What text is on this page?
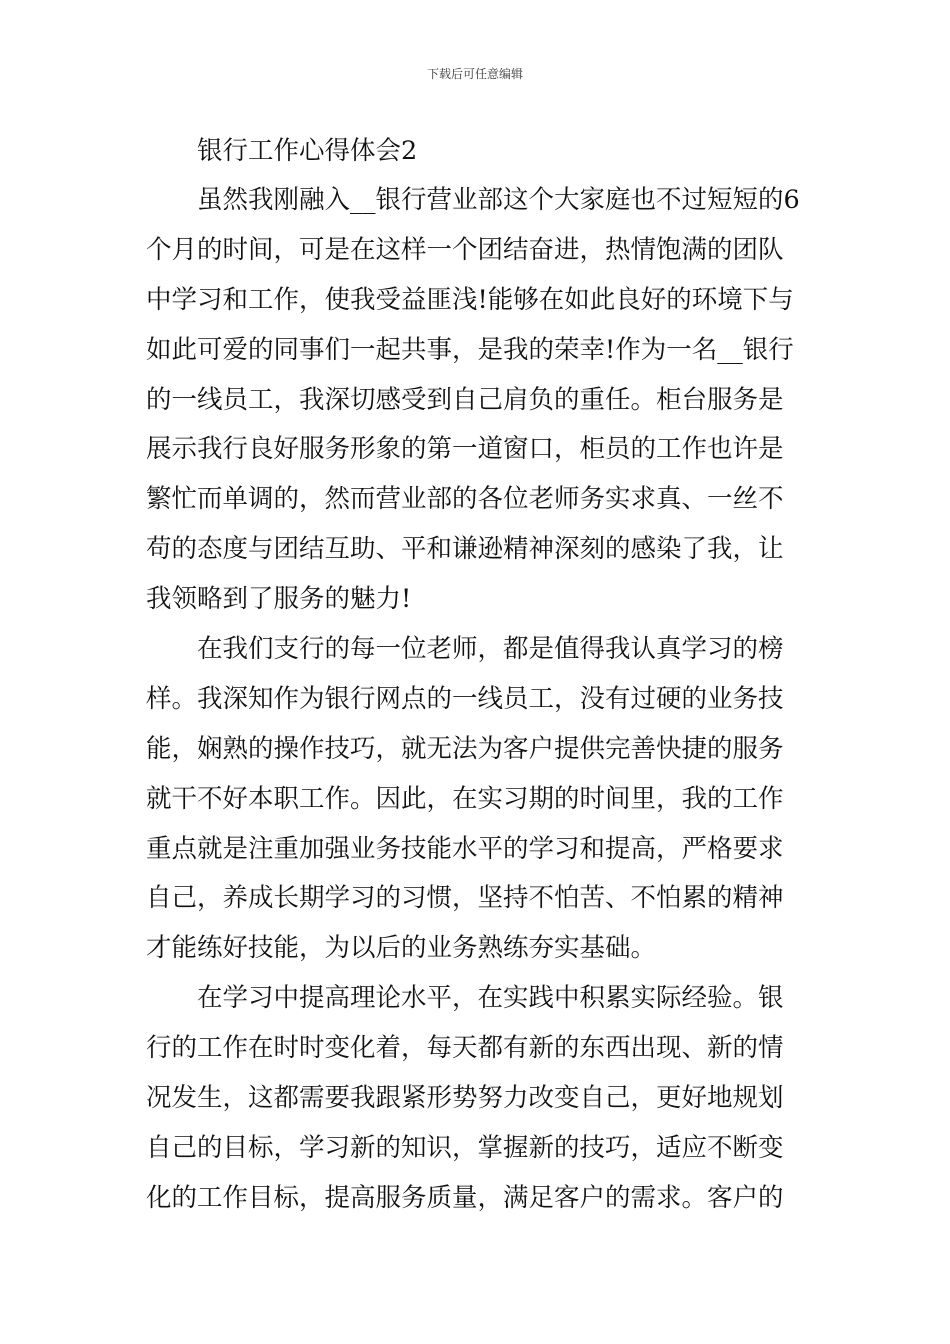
下载后可任意编辑
银行工作心得体会2
虽然我刚融入__银行营业部这个大家庭也不过短短的6
个月的时间，可是在这样一个团结奋进，热情饱满的团队
中学习和工作，使我受益匪浅!能够在如此良好的环境下与
如此可爱的同事们一起共事，是我的荣幸!作为一名__银行
的一线员工，我深切感受到自己肩负的重任。柜台服务是
展示我行良好服务形象的第一道窗口，柜员的工作也许是
繁忙而单调的，然而营业部的各位老师务实求真、一丝不
苟的态度与团结互助、平和谦逊精神深刻的感染了我，让
我领略到了服务的魅力!
在我们支行的每一位老师，都是值得我认真学习的榜
样。我深知作为银行网点的一线员工，没有过硬的业务技
能，娴熟的操作技巧，就无法为客户提供完善快捷的服务
就干不好本职工作。因此，在实习期的时间里，我的工作
重点就是注重加强业务技能水平的学习和提高，严格要求
自己，养成长期学习的习惯，坚持不怕苦、不怕累的精神
才能练好技能，为以后的业务熟练夯实基础。
在学习中提高理论水平，在实践中积累实际经验。银
行的工作在时时变化着，每天都有新的东西出现、新的情
况发生，这都需要我跟紧形势努力改变自己，更好地规划
自己的目标，学习新的知识，掌握新的技巧，适应不断变
化的工作目标，提高服务质量，满足客户的需求。客户的
